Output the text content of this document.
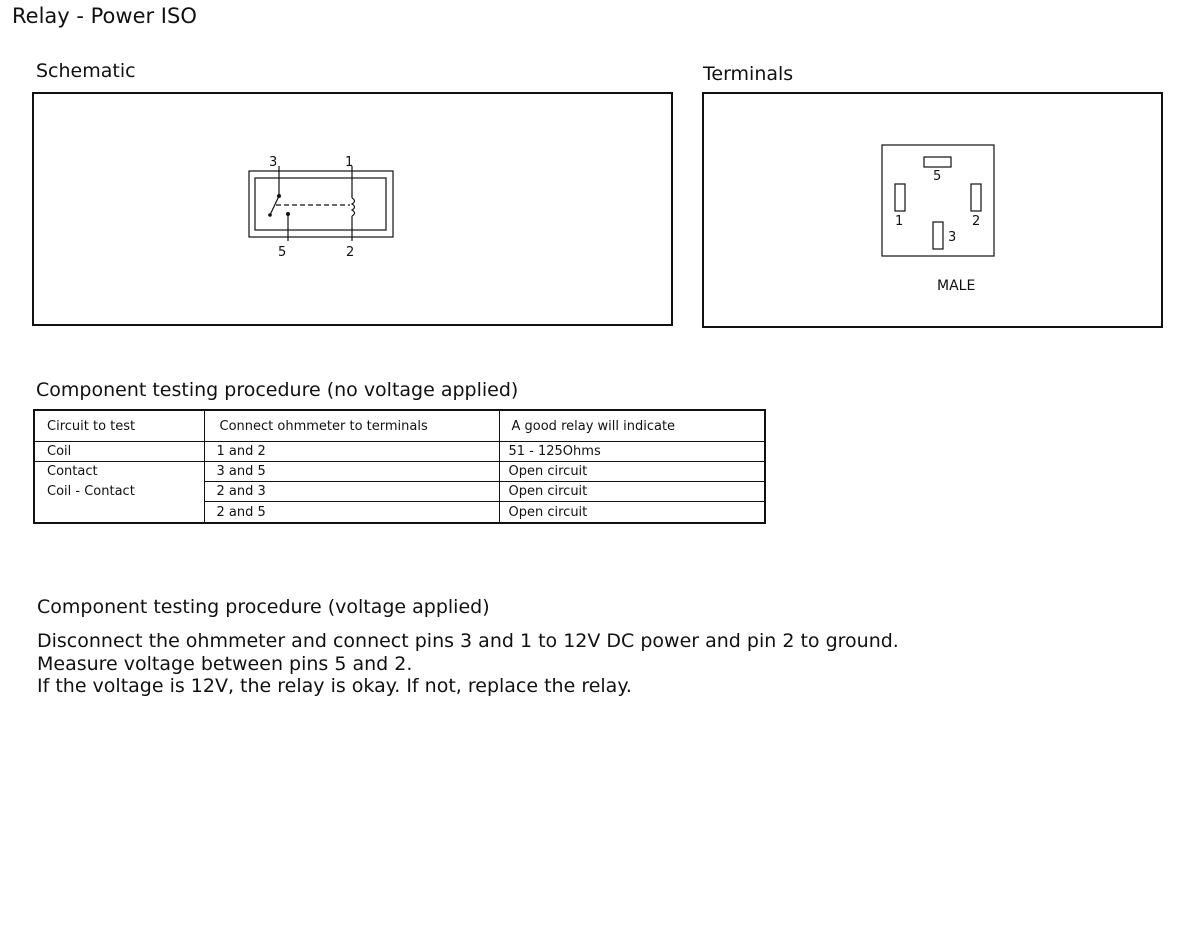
Relay - Power ISO
Schematic
3	1
5	2
Terminals
5
1	2
3
MALE
Component testing procedure (no voltage applied)
Circuit to test	Connect ohmmeter to terminals	A good relay will indicate
Coil	1 and 2	51 - 125Ohms
Contact	3 and 5	Open circuit
Coil - Contact	2 and 3	Open circuit
	2 and 5	Open circuit
Component testing procedure (voltage applied)
Disconnect the ohmmeter and connect pins 3 and 1 to 12V DC power and pin 2 to ground.
Measure voltage between pins 5 and 2.
If the voltage is 12V, the relay is okay. If not, replace the relay.
